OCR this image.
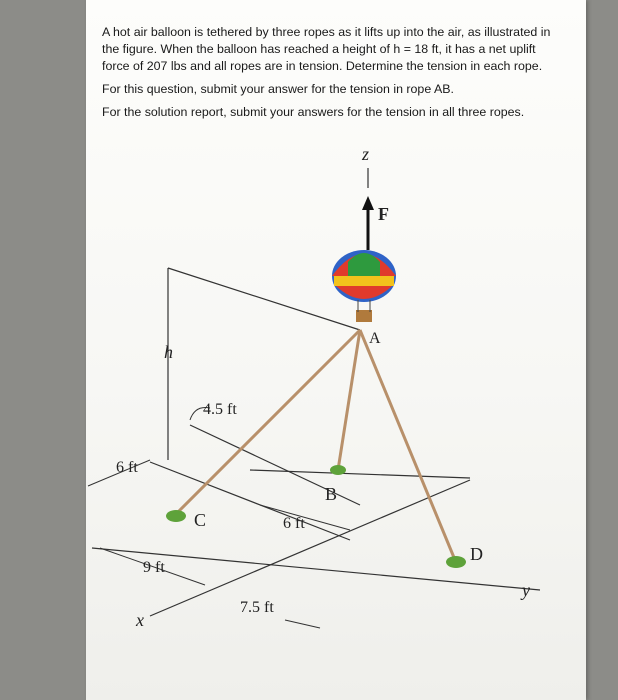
A hot air balloon is tethered by three ropes as it lifts up into the air, as illustrated in the figure. When the balloon has reached a height of h = 18 ft, it has a net uplift force of 207 lbs and all ropes are in tension. Determine the tension in each rope.

For this question, submit your answer for the tension in rope AB.

For the solution report, submit your answers for the tension in all three ropes.

z
F
A
h
4.5 ft
6 ft
B
C	6 ft
D
9 ft
y
7.5 ft
x
